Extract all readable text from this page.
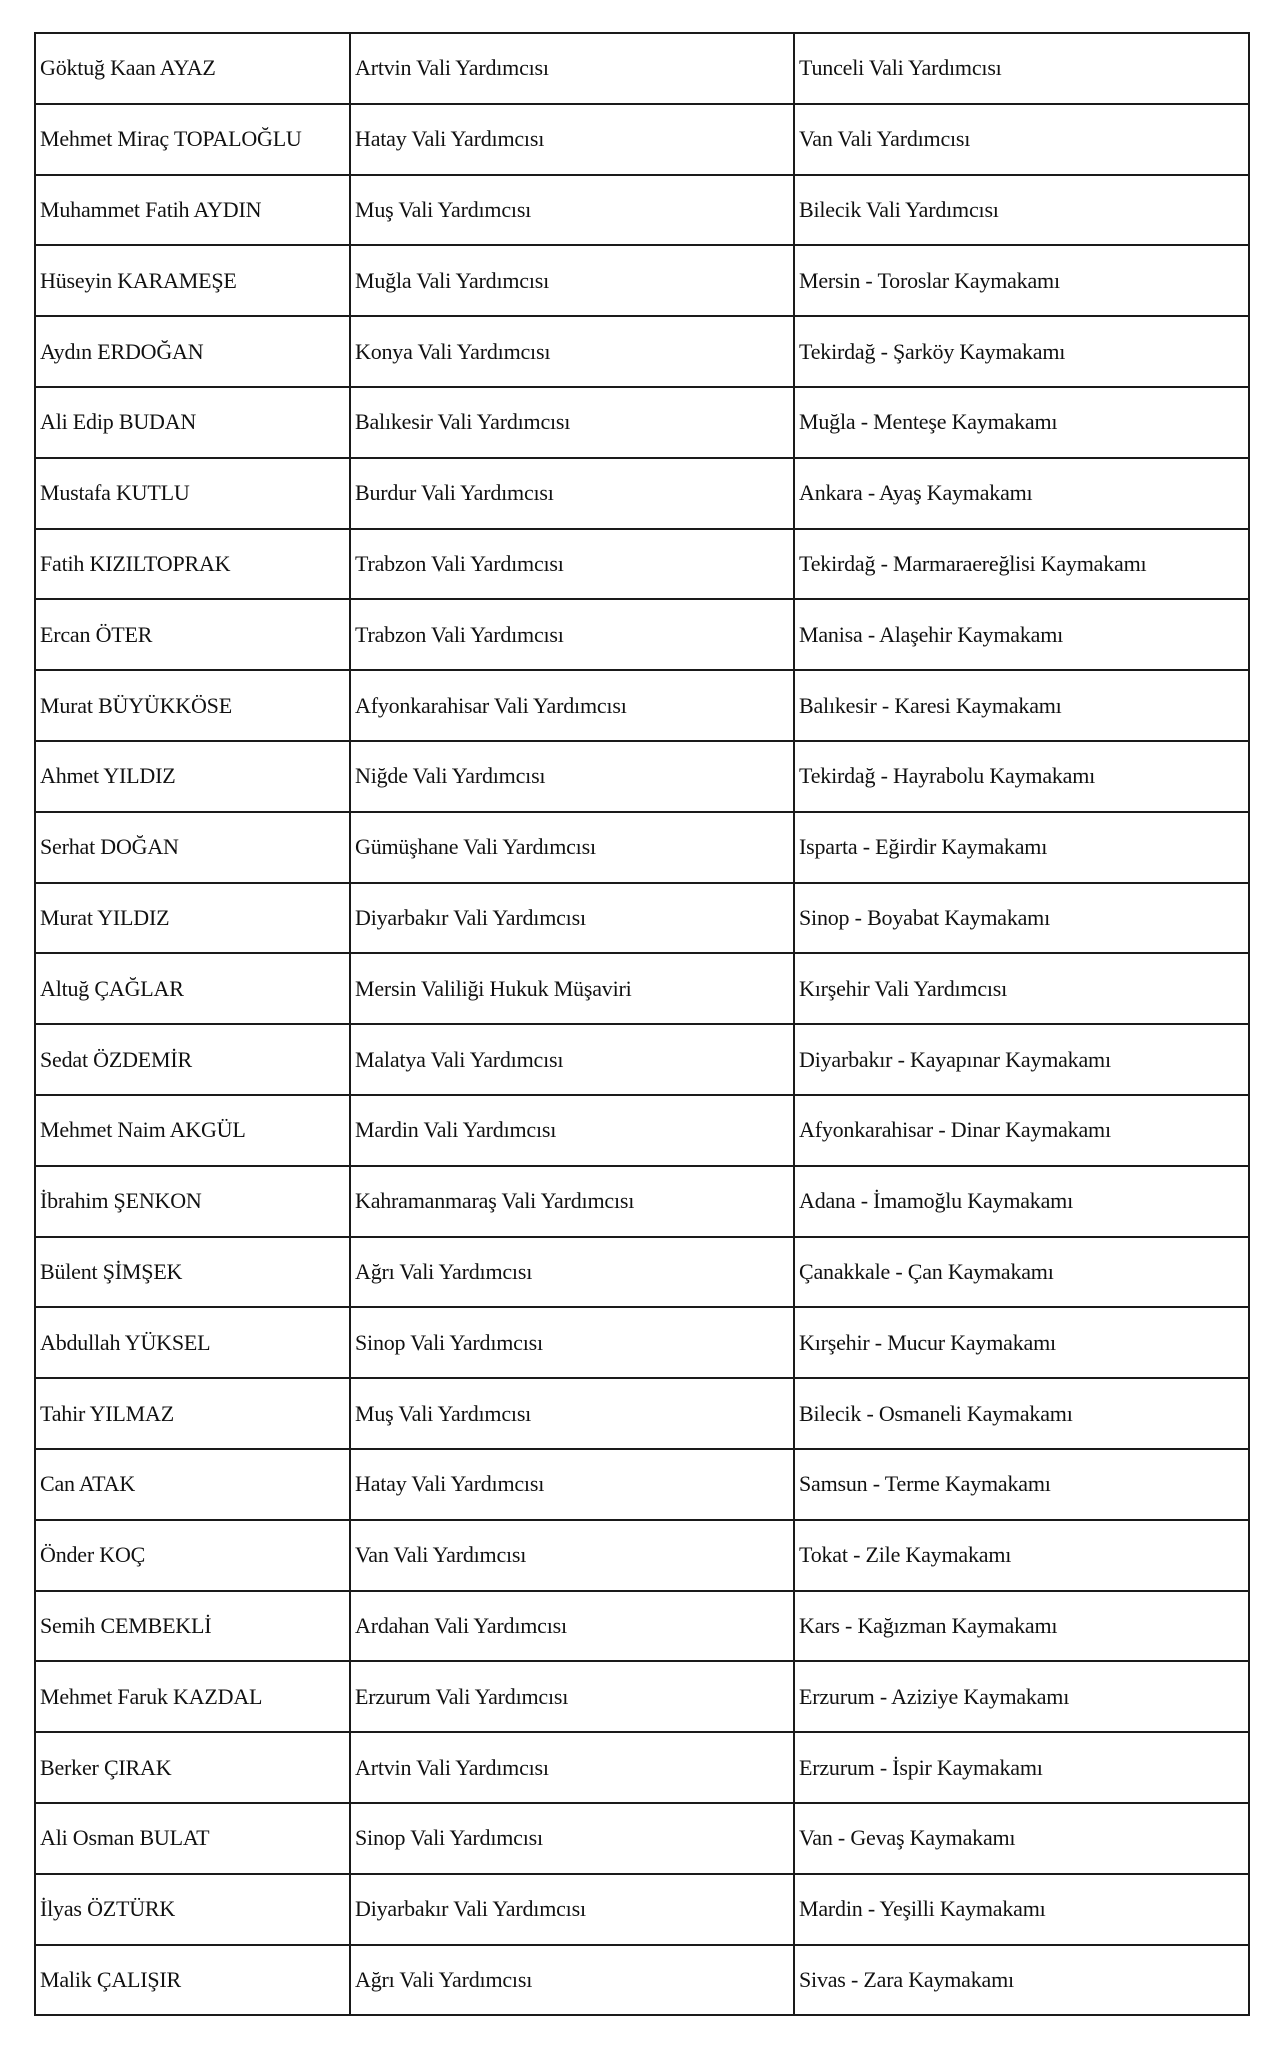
Göktuğ Kaan AYAZ	Artvin Vali Yardımcısı	Tunceli Vali Yardımcısı
Mehmet Miraç TOPALOĞLU	Hatay Vali Yardımcısı	Van Vali Yardımcısı
Muhammet Fatih AYDIN	Muş Vali Yardımcısı	Bilecik Vali Yardımcısı
Hüseyin KARAMEŞE	Muğla Vali Yardımcısı	Mersin - Toroslar Kaymakamı
Aydın ERDOĞAN	Konya Vali Yardımcısı	Tekirdağ - Şarköy Kaymakamı
Ali Edip BUDAN	Balıkesir Vali Yardımcısı	Muğla - Menteşe Kaymakamı
Mustafa KUTLU	Burdur Vali Yardımcısı	Ankara - Ayaş Kaymakamı
Fatih KIZILTOPRAK	Trabzon Vali Yardımcısı	Tekirdağ - Marmaraereğlisi Kaymakamı
Ercan ÖTER	Trabzon Vali Yardımcısı	Manisa - Alaşehir Kaymakamı
Murat BÜYÜKKÖSE	Afyonkarahisar Vali Yardımcısı	Balıkesir - Karesi Kaymakamı
Ahmet YILDIZ	Niğde Vali Yardımcısı	Tekirdağ - Hayrabolu Kaymakamı
Serhat DOĞAN	Gümüşhane Vali Yardımcısı	Isparta - Eğirdir Kaymakamı
Murat YILDIZ	Diyarbakır Vali Yardımcısı	Sinop - Boyabat Kaymakamı
Altuğ ÇAĞLAR	Mersin Valiliği Hukuk Müşaviri	Kırşehir Vali Yardımcısı
Sedat ÖZDEMİR	Malatya Vali Yardımcısı	Diyarbakır - Kayapınar Kaymakamı
Mehmet Naim AKGÜL	Mardin Vali Yardımcısı	Afyonkarahisar - Dinar Kaymakamı
İbrahim ŞENKON	Kahramanmaraş Vali Yardımcısı	Adana - İmamoğlu Kaymakamı
Bülent ŞİMŞEK	Ağrı Vali Yardımcısı	Çanakkale - Çan Kaymakamı
Abdullah YÜKSEL	Sinop Vali Yardımcısı	Kırşehir - Mucur Kaymakamı
Tahir YILMAZ	Muş Vali Yardımcısı	Bilecik - Osmaneli Kaymakamı
Can ATAK	Hatay Vali Yardımcısı	Samsun - Terme Kaymakamı
Önder KOÇ	Van Vali Yardımcısı	Tokat - Zile Kaymakamı
Semih CEMBEKLİ	Ardahan Vali Yardımcısı	Kars - Kağızman Kaymakamı
Mehmet Faruk KAZDAL	Erzurum Vali Yardımcısı	Erzurum - Aziziye Kaymakamı
Berker ÇIRAK	Artvin Vali Yardımcısı	Erzurum - İspir Kaymakamı
Ali Osman BULAT	Sinop Vali Yardımcısı	Van - Gevaş Kaymakamı
İlyas ÖZTÜRK	Diyarbakır Vali Yardımcısı	Mardin - Yeşilli Kaymakamı
Malik ÇALIŞIR	Ağrı Vali Yardımcısı	Sivas - Zara Kaymakamı
